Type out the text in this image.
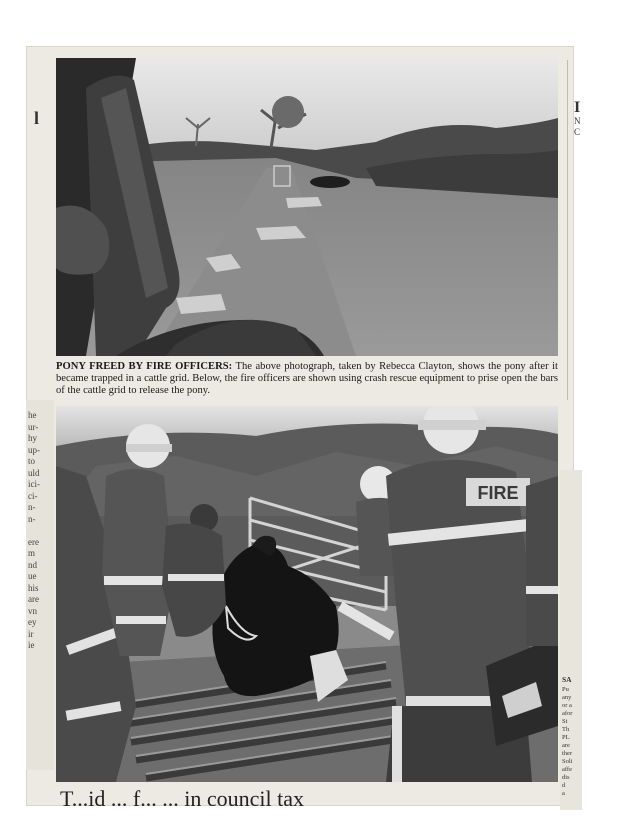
PONY FREED BY FIRE OFFICERS: The above photograph, taken by Rebecca Clayton, shows the pony after it became trapped in a cattle grid. Below, the fire officers are shown using crash rescue equipment to prise open the bars of the cattle grid to release the pony.
FIRE
he
ur-
hy
up-
to
uld
ici-
ci-
n-
n-
ere
m
nd
ue
his
are
vn
ey
ir
ie
SA
Pu
any
or a
afor
St
Th
PL
are
ther
Soli
affe
dis
d
a
I
N
C
l
T...id ... f... ... in council tax
